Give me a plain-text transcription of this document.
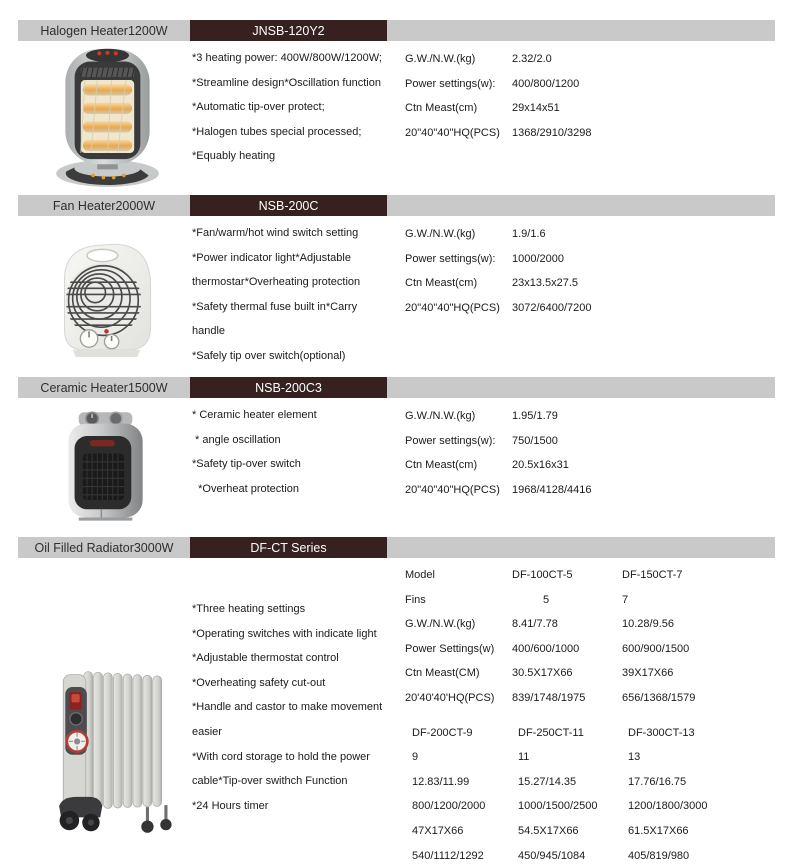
Halogen Heater1200W	JNSB-120Y2
*3 heating power: 400W/800W/1200W;
*Streamline design*Oscillation function
*Automatic tip-over protect;
*Halogen tubes special processed;
*Equably heating
G.W./N.W.(kg)	2.32/2.0
Power settings(w):	400/800/1200
Ctn Meast(cm)	29x14x51
20"40"40"HQ(PCS)	1368/2910/3298
Fan Heater2000W	NSB-200C
*Fan/warm/hot wind switch setting
*Power indicator light*Adjustable
thermostar*Overheating protection
*Safety thermal fuse built in*Carry
handle
*Safely tip over switch(optional)
G.W./N.W.(kg)	1.9/1.6
Power settings(w):	1000/2000
Ctn Meast(cm)	23x13.5x27.5
20"40"40"HQ(PCS)	3072/6400/7200
Ceramic Heater1500W	NSB-200C3
* Ceramic heater element
* angle oscillation
*Safety tip-over switch
*Overheat protection
G.W./N.W.(kg)	1.95/1.79
Power settings(w):	750/1500
Ctn Meast(cm)	20.5x16x31
20"40"40"HQ(PCS)	1968/4128/4416
Oil Filled Radiator3000W	DF-CT Series
*Three heating settings
*Operating switches with indicate light
*Adjustable thermostat control
*Overheating safety cut-out
*Handle and castor to make movement
easier
*With cord storage to hold the power
cable*Tip-over swithch Function
*24 Hours timer
Model	DF-100CT-5	DF-150CT-7
Fins	5	7
G.W./N.W.(kg)	8.41/7.78	10.28/9.56
Power Settings(w)	400/600/1000	600/900/1500
Ctn Meast(CM)	30.5X17X66	39X17X66
20'40'40'HQ(PCS)	839/1748/1975	656/1368/1579
DF-200CT-9	DF-250CT-11	DF-300CT-13
9	11	13
12.83/11.99	15.27/14.35	17.76/16.75
800/1200/2000	1000/1500/2500	1200/1800/3000
47X17X66	54.5X17X66	61.5X17X66
540/1112/1292	450/945/1084	405/819/980
